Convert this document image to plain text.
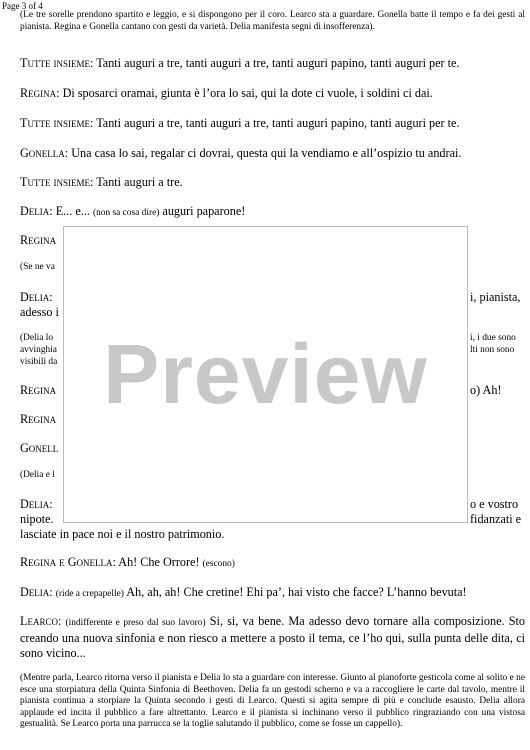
Page 3 of 4

(Le tre sorelle prendono spartito e leggio, e si dispongono per il coro. Learco sta a guardare. Gonella batte il tempo e fa dei gesti al pianista. Regina e Gonella cantano con gesti da varietà. Delia manifesta segni di insofferenza).

Tutte insieme: Tanti auguri a tre, tanti auguri a tre, tanti auguri papino, tanti auguri per te.

Regina: Di sposarci oramai, giunta è l’ora lo sai, qui la dote ci vuole, i soldini ci dai.

Tutte insieme: Tanti auguri a tre, tanti auguri a tre, tanti auguri papino, tanti auguri per te.

Gonella: Una casa lo sai, regalar ci dovrai, questa qui la vendiamo e all’ospizio tu andrai.

Tutte insieme: Tanti auguri a tre.

Delia: E... e... (non sa cosa dire) auguri paparone!

Regina
(Se ne va
Delia:	i, pianista,
adesso i
(Delia lo	i, i due sono
avvinghia	lti non sono
visibili da
Regina	o) Ah!
Regina
Gonell
(Delia e l
Delia:	o e vostro
nipote.	fidanzati e
lasciate in pace noi e il nostro patrimonio.
Preview

Regina e Gonella: Ah! Che Orrore! (escono)

Delia: (ride a crepapelle) Ah, ah, ah! Che cretine! Ehi pa’, hai visto che facce? L’hanno bevuta!

Learco: (indifferente e preso dal suo lavoro) Si, si, va bene. Ma adesso devo tornare alla composizione. Sto creando una nuova sinfonia e non riesco a mettere a posto il tema, ce l’ho qui, sulla punta delle dita, ci sono vicino...

(Mentre parla, Learco ritorna verso il pianista e Delia lo sta a guardare con interesse. Giunto al pianoforte gesticola come al solito e ne esce una storpiatura della Quinta Sinfonia di Beethoven. Delia fa un gestodi scherno e va a raccogliere le carte dal tavolo, mentre il pianista continua a storpiare la Quinta secondo i gesti di Learco. Questi si agita sempre di più e conclude esausto. Delia allora applaude ed incita il pubblico a fare altrettanto. Learco e il pianista si inchinano verso il pubblico ringraziando con una vistosa gestualità. Se Learco porta una parrucca se la toglie salutando il pubblico, come se fosse un cappello).
